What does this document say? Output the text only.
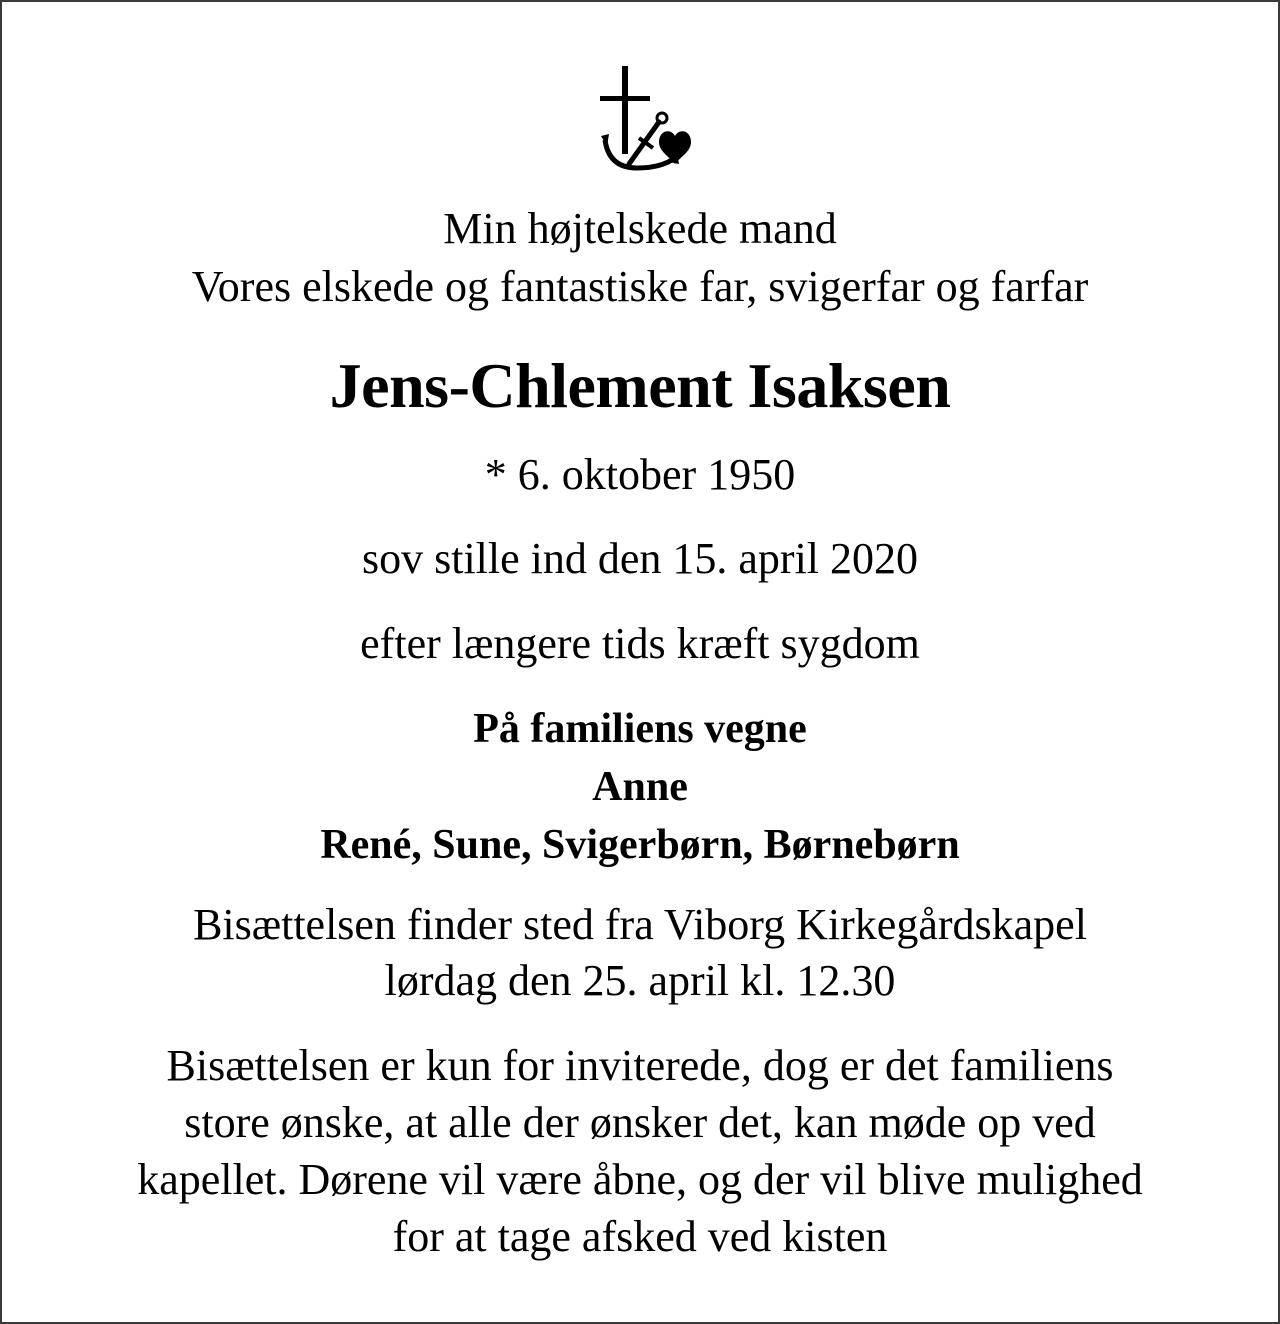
Min højtelskede mand
Vores elskede og fantastiske far, svigerfar og farfar
Jens-Chlement Isaksen
* 6. oktober 1950
sov stille ind den 15. april 2020
efter længere tids kræft sygdom
På familiens vegne
Anne
René, Sune, Svigerbørn, Børnebørn
Bisættelsen finder sted fra Viborg Kirkegårdskapel
lørdag den 25. april kl. 12.30
Bisættelsen er kun for inviterede, dog er det familiens
store ønske, at alle der ønsker det, kan møde op ved
kapellet. Dørene vil være åbne, og der vil blive mulighed
for at tage afsked ved kisten
